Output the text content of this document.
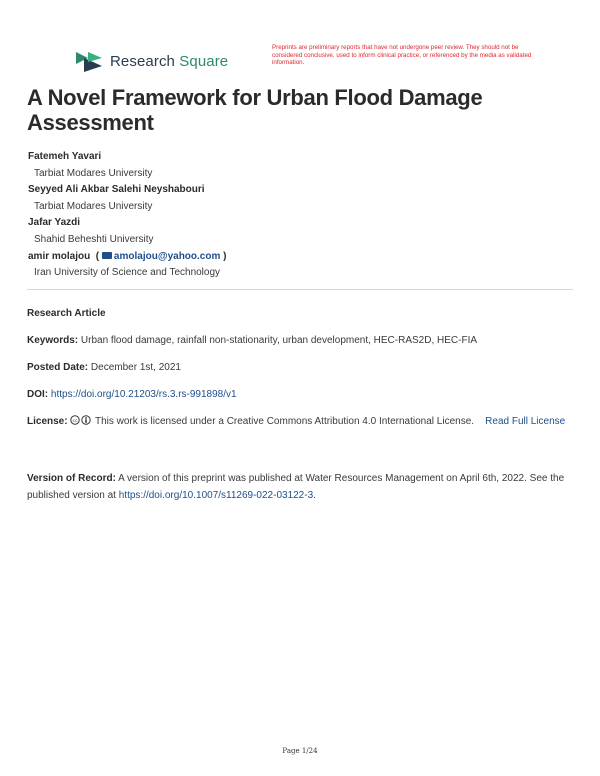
Research Square
Preprints are preliminary reports that have not undergone peer review. They should not be considered conclusive, used to inform clinical practice, or referenced by the media as validated information.
A Novel Framework for Urban Flood Damage Assessment
Fatemeh Yavari
Tarbiat Modares University
Seyyed Ali Akbar Salehi Neyshabouri
Tarbiat Modares University
Jafar Yazdi
Shahid Beheshti University
amir molajou  ( amolajou@yahoo.com )
Iran University of Science and Technology
Research Article
Keywords: Urban flood damage, rainfall non-stationarity, urban development, HEC-RAS2D, HEC-FIA
Posted Date: December 1st, 2021
DOI: https://doi.org/10.21203/rs.3.rs-991898/v1
License: cc This work is licensed under a Creative Commons Attribution 4.0 International License. Read Full License
Version of Record: A version of this preprint was published at Water Resources Management on April 6th, 2022. See the published version at https://doi.org/10.1007/s11269-022-03122-3.
Page 1/24
